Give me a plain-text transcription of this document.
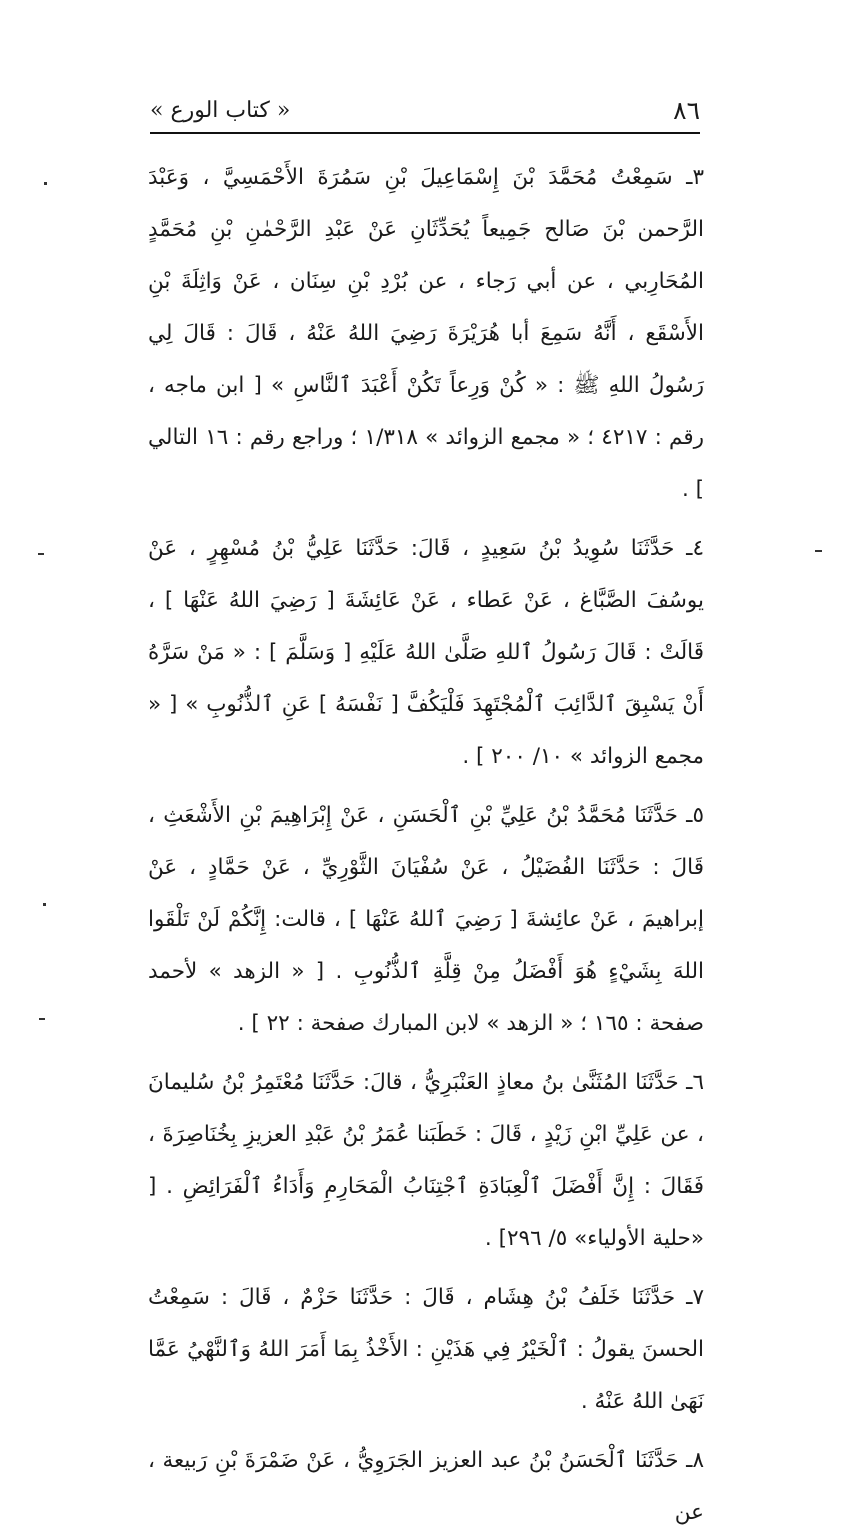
٨٦
« كتاب الورع »

٣ـ سَمِعْتُ مُحَمَّدَ بْنَ إِسْمَاعِيلَ بْنِ سَمُرَةَ الأَحْمَسِيَّ ، وَعَبْدَ الرَّحمن بْنَ صَالح جَمِيعاً يُحَدِّثَانِ عَنْ عَبْدِ الرَّحْمٰنِ بْنِ مُحَمَّدٍ المُحَارِبي ، عن أبي رَجاء ، عن بُرْدِ بْنِ سِنَان ، عَنْ وَاثِلَةَ بْنِ الأَسْقَع ، أَنَّهُ سَمِعَ أبا هُرَيْرَةَ رَضِيَ اللهُ عَنْهُ ، قَالَ : قَالَ لِي رَسُولُ اللهِ ﷺ : « كُنْ وَرِعاً تَكُنْ أَعْبَدَ ٱلنَّاسِ » [ ابن ماجه ، رقم : ٤٢١٧ ؛ « مجمع الزوائد » ١/٣١٨ ؛ وراجع رقم : ١٦ التالي ] .

٤ـ حَدَّثَنَا سُوِيدُ بْنُ سَعِيدٍ ، قَالَ: حَدَّثَنَا عَلِيُّ بْنُ مُسْهِرٍ ، عَنْ يوسُفَ الصَّبَّاغ ، عَنْ عَطاء ، عَنْ عَائِشَةَ [ رَضِيَ اللهُ عَنْهَا ] ، قَالَتْ : قَالَ رَسُولُ ٱللهِ صَلَّىٰ اللهُ عَلَيْهِ [ وَسَلَّمَ ] : « مَنْ سَرَّهُ أَنْ يَسْبِقَ ٱلدَّائِبَ ٱلْمُجْتَهِدَ فَلْيَكُفَّ [ نَفْسَهُ ] عَنِ ٱلذُّنُوبِ » [ « مجمع الزوائد » ١٠/ ٢٠٠ ] .

٥ـ حَدَّثَنَا مُحَمَّدُ بْنُ عَلِيِّ بْنِ ٱلْحَسَنِ ، عَنْ إِبْرَاهِيمَ بْنِ الأَشْعَثِ ، قَالَ : حَدَّثَنَا الفُضَيْلُ ، عَنْ سُفْيَانَ الثَّوْرِيِّ ، عَنْ حَمَّادٍ ، عَنْ إبراهيمَ ، عَنْ عائِشةَ [ رَضِيَ ٱللهُ عَنْهَا ] ، قالت: إِنَّكُمْ لَنْ تَلْقَوا اللهَ بِشَيْءٍ هُوَ أَفْضَلُ مِنْ قِلَّةِ ٱلذُّنُوبِ . [ « الزهد » لأحمد صفحة : ١٦٥ ؛ « الزهد » لابن المبارك صفحة : ٢٢ ] .

٦ـ حَدَّثَنَا المُثَنَّىٰ بنُ معاذٍ العَنْبَرِيُّ ، قالَ: حَدَّثَنَا مُعْتَمِرُ بْنُ سُليمانَ ، عن عَلِيِّ ابْنِ زَيْدٍ ، قَالَ : خَطَبَنا عُمَرُ بْنُ عَبْدِ العزيزِ بِخُنَاصِرَةَ ، فَقَالَ : إِنَّ أَفْضَلَ ٱلْعِبَادَةِ ٱجْتِنَابُ الْمَحَارِمِ وَأَدَاءُ ٱلْفَرَائِضِ . [ «حلية الأولياء» ٥/ ٢٩٦] .

٧ـ حَدَّثَنَا خَلَفُ بْنُ هِشَام ، قَالَ : حَدَّثَنَا حَزْمٌ ، قَالَ : سَمِعْتُ الحسنَ يقولُ : ٱلْخَيْرُ فِي هَذَيْنِ : الأَخْذُ بِمَا أَمَرَ اللهُ وَٱلنَّهْيُ عَمَّا نَهَىٰ اللهُ عَنْهُ .

٨ـ حَدَّثَنَا ٱلْحَسَنُ بْنُ عبد العزيز الجَرَوِيُّ ، عَنْ ضَمْرَةَ بْنِ رَبيعة ، عن
